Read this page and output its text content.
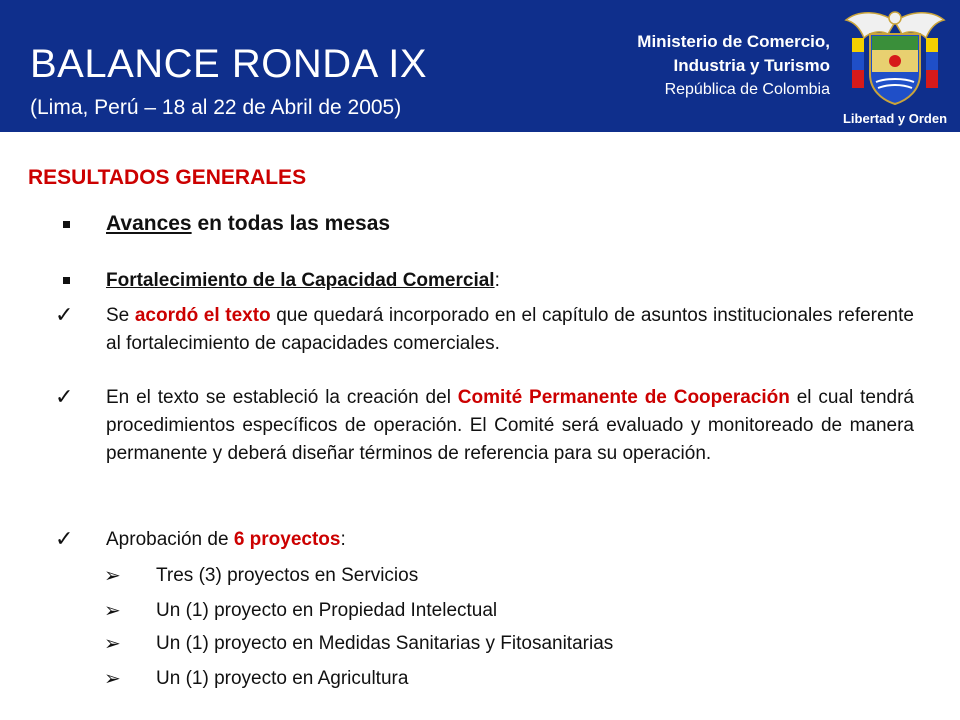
BALANCE RONDA IX
(Lima, Perú – 18 al 22 de Abril de 2005)
Ministerio de Comercio,
Industria y Turismo
República de Colombia
Libertad y Orden
RESULTADOS GENERALES
Avances en todas las mesas
Fortalecimiento de la Capacidad Comercial:
✓ Se acordó el texto que quedará incorporado en el capítulo de asuntos institucionales referente al fortalecimiento de capacidades comerciales.
✓ En el texto se estableció la creación del Comité Permanente de Cooperación el cual tendrá procedimientos específicos de operación. El Comité será evaluado y monitoreado de manera permanente y deberá diseñar términos de referencia para su operación.
✓ Aprobación de 6 proyectos:
➢ Tres (3) proyectos en Servicios
➢ Un (1) proyecto en Propiedad Intelectual
➢ Un (1) proyecto en Medidas Sanitarias y Fitosanitarias
➢ Un (1) proyecto en Agricultura
